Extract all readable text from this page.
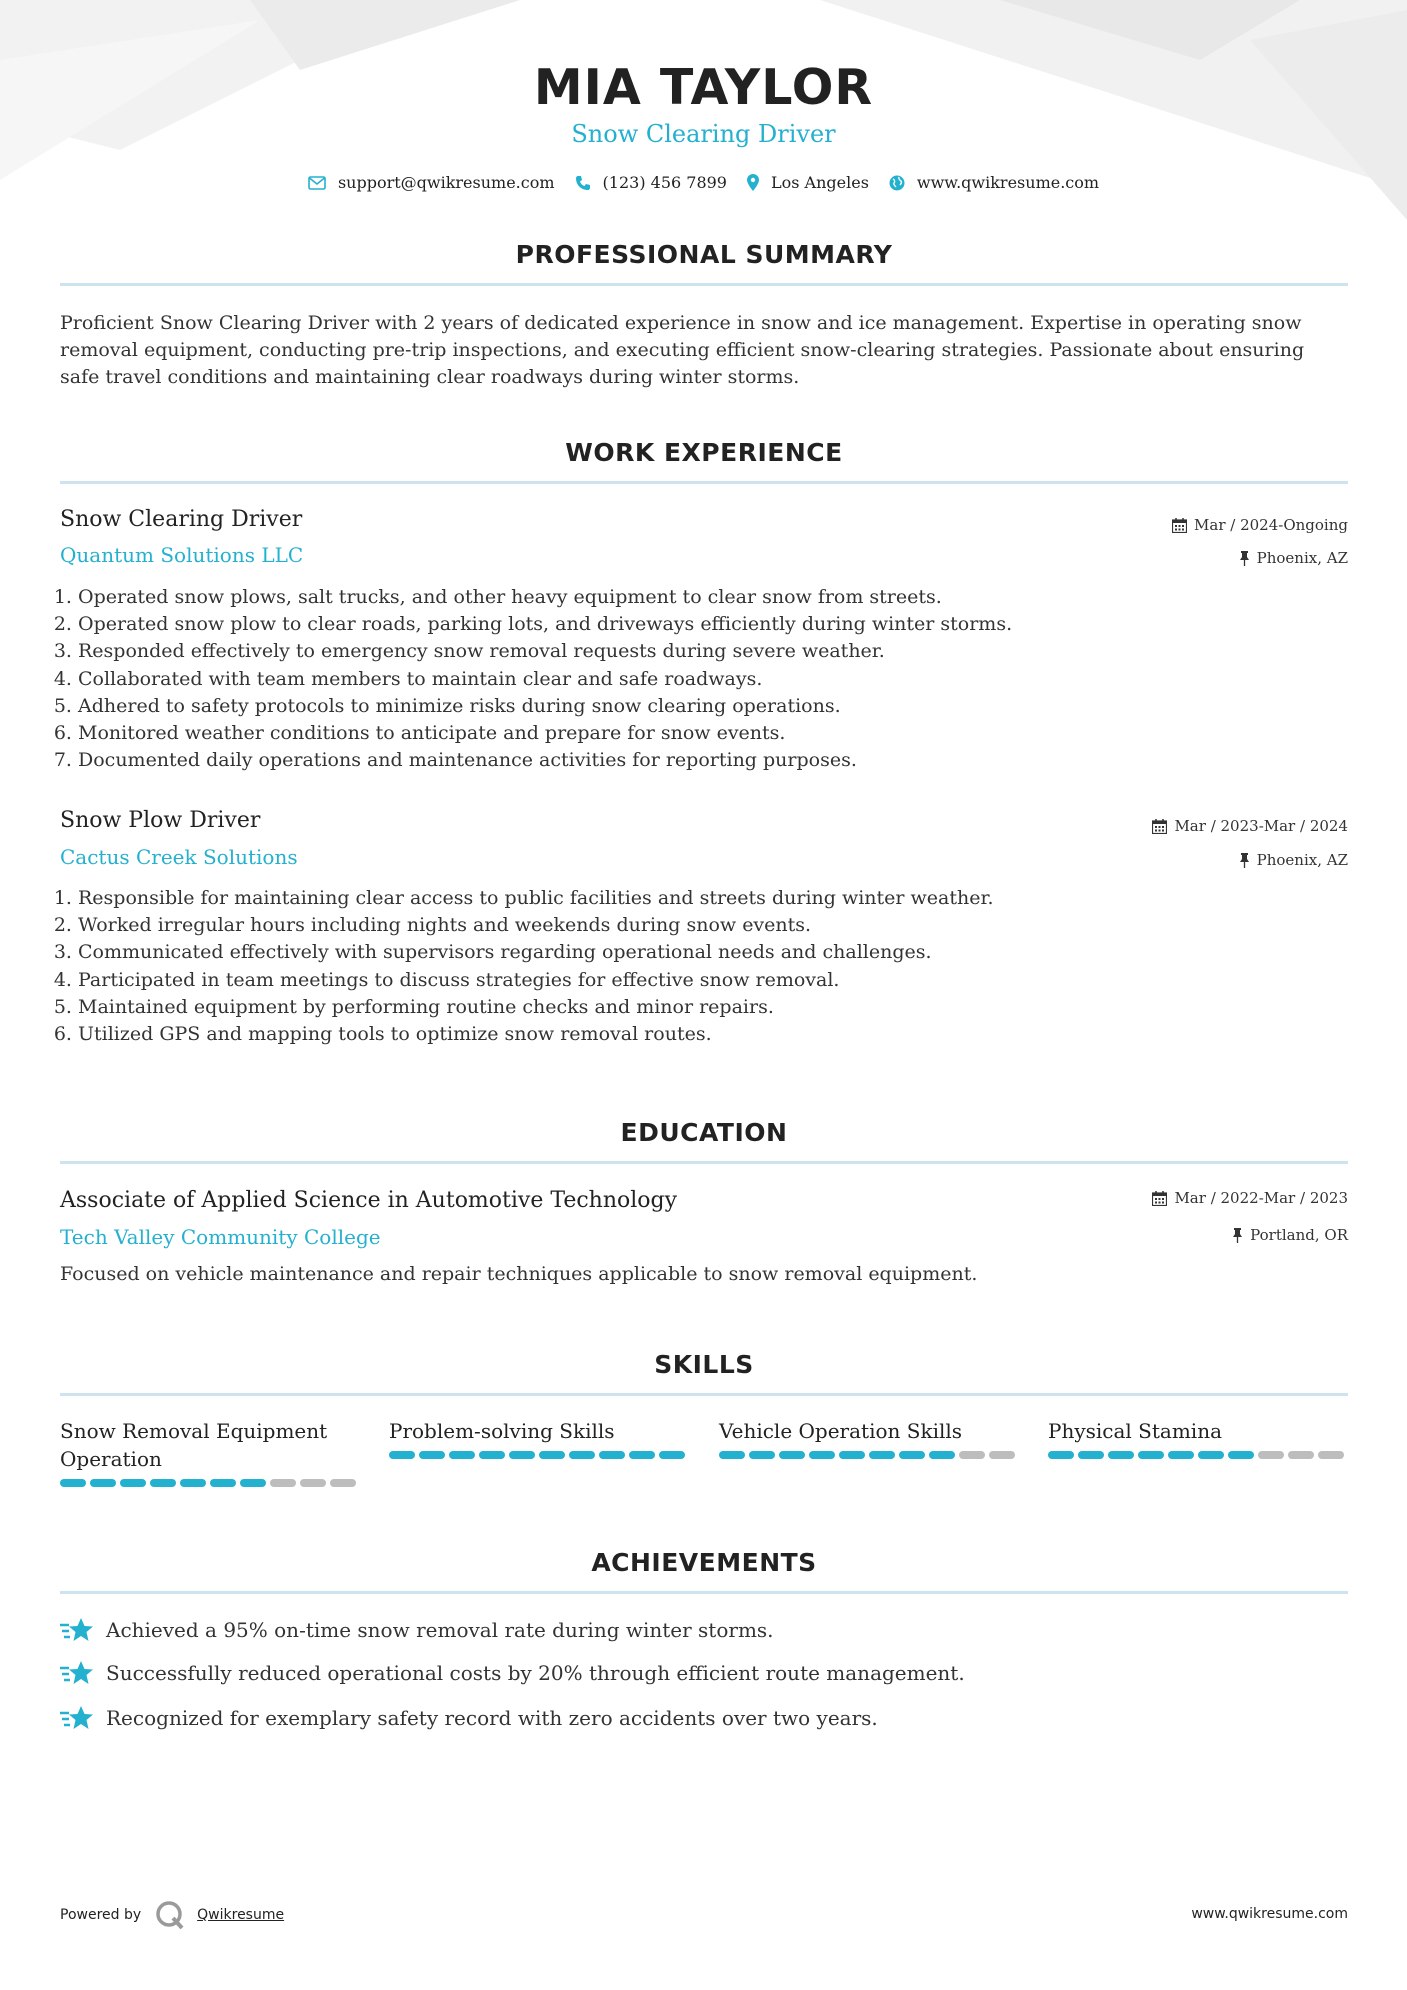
MIA TAYLOR
Snow Clearing Driver
support@qwikresume.com	(123) 456 7899	Los Angeles	www.qwikresume.com
PROFESSIONAL SUMMARY
Proficient Snow Clearing Driver with 2 years of dedicated experience in snow and ice management. Expertise in operating snow removal equipment, conducting pre-trip inspections, and executing efficient snow-clearing strategies. Passionate about ensuring safe travel conditions and maintaining clear roadways during winter storms.
WORK EXPERIENCE
Snow Clearing Driver	Mar / 2024-Ongoing
Quantum Solutions LLC	Phoenix, AZ
1. Operated snow plows, salt trucks, and other heavy equipment to clear snow from streets.
2. Operated snow plow to clear roads, parking lots, and driveways efficiently during winter storms.
3. Responded effectively to emergency snow removal requests during severe weather.
4. Collaborated with team members to maintain clear and safe roadways.
5. Adhered to safety protocols to minimize risks during snow clearing operations.
6. Monitored weather conditions to anticipate and prepare for snow events.
7. Documented daily operations and maintenance activities for reporting purposes.
Snow Plow Driver	Mar / 2023-Mar / 2024
Cactus Creek Solutions	Phoenix, AZ
1. Responsible for maintaining clear access to public facilities and streets during winter weather.
2. Worked irregular hours including nights and weekends during snow events.
3. Communicated effectively with supervisors regarding operational needs and challenges.
4. Participated in team meetings to discuss strategies for effective snow removal.
5. Maintained equipment by performing routine checks and minor repairs.
6. Utilized GPS and mapping tools to optimize snow removal routes.
EDUCATION
Associate of Applied Science in Automotive Technology	Mar / 2022-Mar / 2023
Tech Valley Community College	Portland, OR
Focused on vehicle maintenance and repair techniques applicable to snow removal equipment.
SKILLS
Snow Removal Equipment Operation
Problem-solving Skills	Vehicle Operation Skills	Physical Stamina
ACHIEVEMENTS
Achieved a 95% on-time snow removal rate during winter storms.
Successfully reduced operational costs by 20% through efficient route management.
Recognized for exemplary safety record with zero accidents over two years.
Powered by	Qwikresume	www.qwikresume.com
